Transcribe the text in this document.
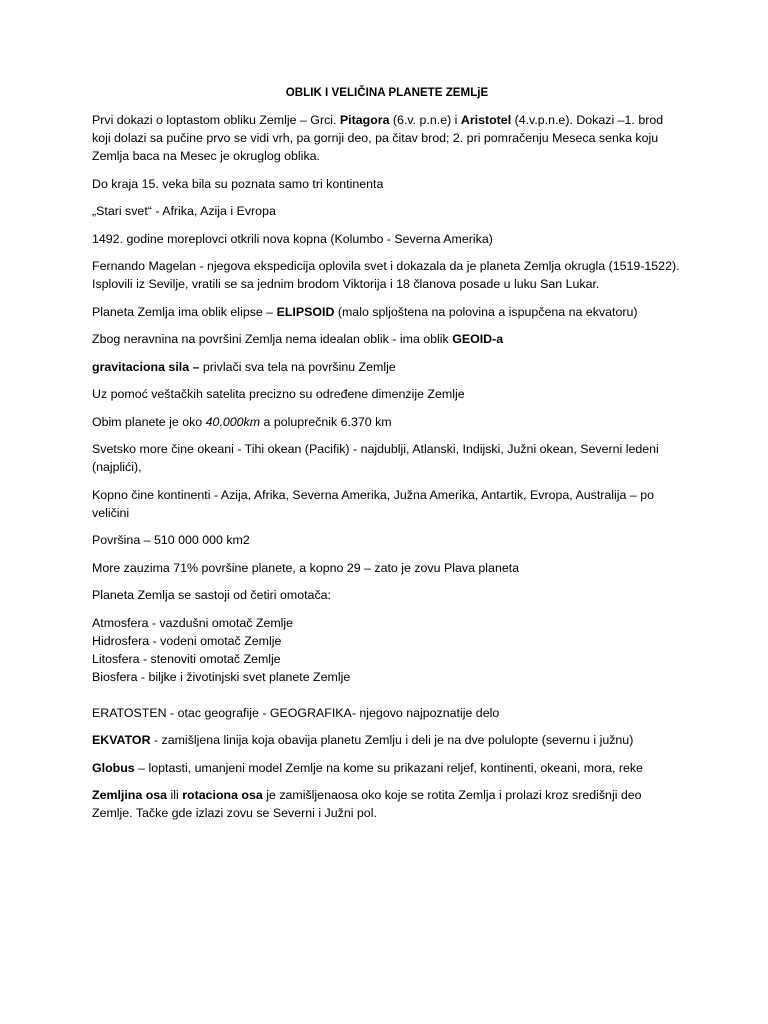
OBLIK I VELIČINA PLANETE ZEMLjE

Prvi dokazi o loptastom obliku Zemlje – Grci. Pitagora (6.v. p.n.e) i Aristotel (4.v.p.n.e). Dokazi –1. brod koji dolazi sa pučine prvo se vidi vrh, pa gornji deo, pa čitav brod; 2. pri pomračenju Meseca senka koju Zemlja baca na Mesec je okruglog oblika.

Do kraja 15. veka bila su poznata samo tri kontinenta

„Stari svet“ - Afrika, Azija i Evropa

1492. godine moreplovci otkrili nova kopna (Kolumbo - Severna Amerika)

Fernando Magelan - njegova ekspedicija oplovila svet i dokazala da je planeta Zemlja okrugla (1519-1522). Isplovili iz Sevilje, vratili se sa jednim brodom Viktorija i 18 članova posade u luku San Lukar.

Planeta Zemlja ima oblik elipse – ELIPSOID (malo spljoštena na polovina a ispupčena na ekvatoru)

Zbog neravnina na površini Zemlja nema idealan oblik - ima oblik GEOID-a

gravitaciona sila – privlači sva tela na površinu Zemlje

Uz pomoć veštačkih satelita precizno su određene dimenzije Zemlje

Obim planete je oko 40.000km a poluprečnik 6.370 km

Svetsko more čine okeani - Tihi okean (Pacifik) - najdublji, Atlanski, Indijski, Južni okean, Severni ledeni (najplići),

Kopno čine kontinenti - Azija, Afrika, Severna Amerika, Južna Amerika, Antartik, Evropa, Australija – po veličini

Površina – 510 000 000 km2

More zauzima 71% površine planete, a kopno 29 – zato je zovu Plava planeta

Planeta Zemlja se sastoji od četiri omotača:

Atmosfera - vazdušni omotač Zemlje

Hidrosfera - vodeni omotač Zemlje

Litosfera - stenoviti omotač Zemlje

Biosfera - biljke i životinjski svet planete Zemlje

ERATOSTEN - otac geografije - GEOGRAFIKA- njegovo najpoznatije delo

EKVATOR - zamišljena linija koja obavija planetu Zemlju i deli je na dve polulopte (severnu i južnu)

Globus – loptasti, umanjeni model Zemlje na kome su prikazani reljef, kontinenti, okeani, mora, reke

Zemljina osa ili rotaciona osa je zamišljenaosa oko koje se rotita Zemlja i prolazi kroz središnji deo Zemlje. Tačke gde izlazi zovu se Severni i Južni pol.
